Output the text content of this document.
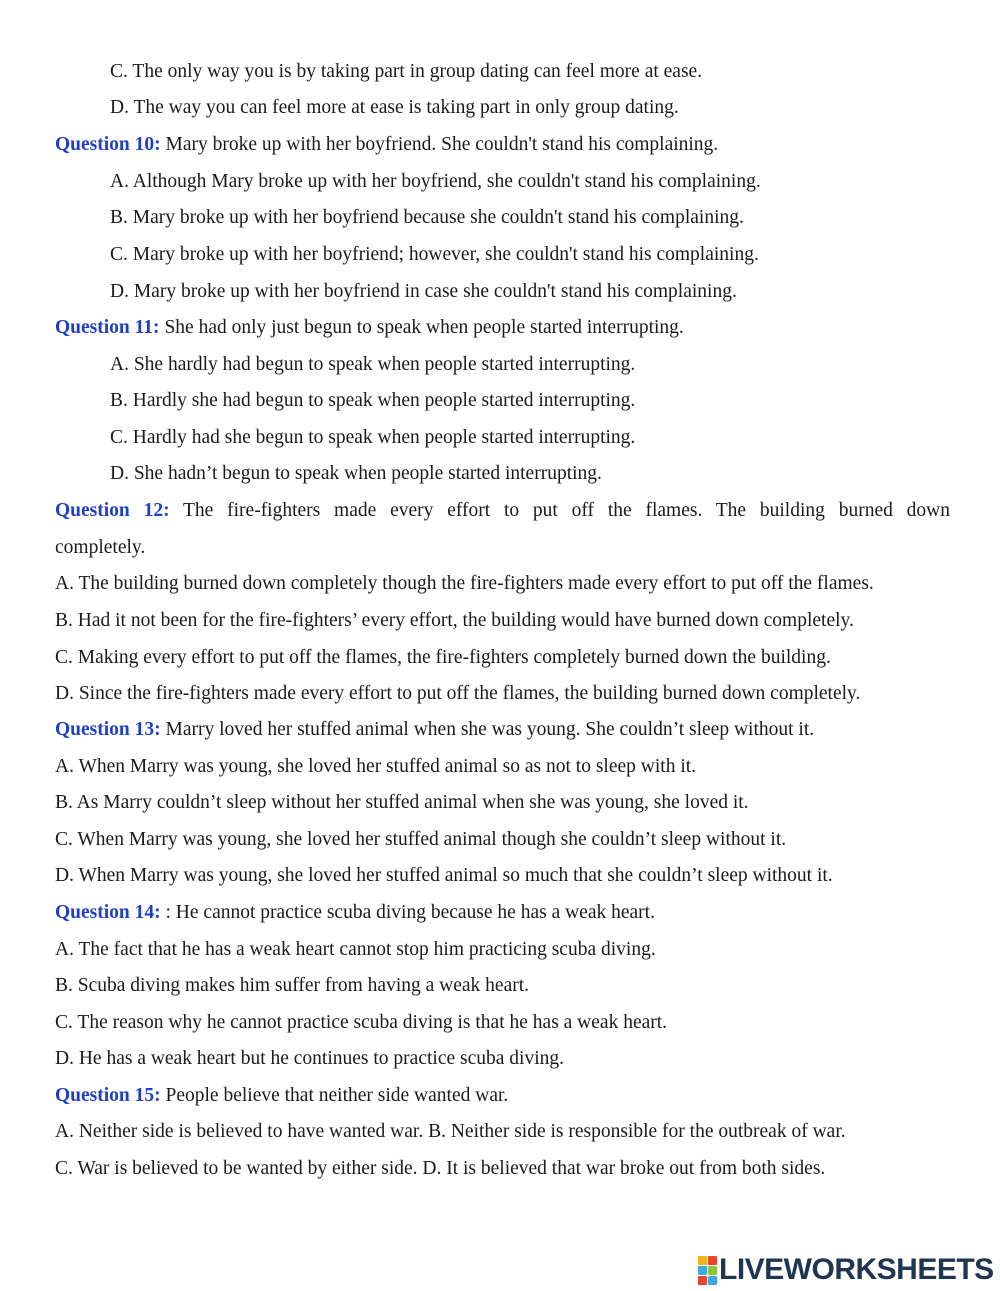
C. The only way you is by taking part in group dating can feel more at ease.
D. The way you can feel more at ease is taking part in only group dating.
Question 10: Mary broke up with her boyfriend. She couldn't stand his complaining.
A. Although Mary broke up with her boyfriend, she couldn't stand his complaining.
B. Mary broke up with her boyfriend because she couldn't stand his complaining.
C. Mary broke up with her boyfriend; however, she couldn't stand his complaining.
D. Mary broke up with her boyfriend in case she couldn't stand his complaining.
Question 11: She had only just begun to speak when people started interrupting.
A. She hardly had begun to speak when people started interrupting.
B. Hardly she had begun to speak when people started interrupting.
C. Hardly had she begun to speak when people started interrupting.
D. She hadn’t begun to speak when people started interrupting.
Question 12: The fire-fighters made every effort to put off the flames. The building burned down
completely.
A. The building burned down completely though the fire-fighters made every effort to put off the flames.
B. Had it not been for the fire-fighters’ every effort, the building would have burned down completely.
C. Making every effort to put off the flames, the fire-fighters completely burned down the building.
D. Since the fire-fighters made every effort to put off the flames, the building burned down completely.
Question 13: Marry loved her stuffed animal when she was young. She couldn’t sleep without it.
A. When Marry was young, she loved her stuffed animal so as not to sleep with it.
B. As Marry couldn’t sleep without her stuffed animal when she was young, she loved it.
C. When Marry was young, she loved her stuffed animal though she couldn’t sleep without it.
D. When Marry was young, she loved her stuffed animal so much that she couldn’t sleep without it.
Question 14: : He cannot practice scuba diving because he has a weak heart.
A. The fact that he has a weak heart cannot stop him practicing scuba diving.
B. Scuba diving makes him suffer from having a weak heart.
C. The reason why he cannot practice scuba diving is that he has a weak heart.
D. He has a weak heart but he continues to practice scuba diving.
Question 15: People believe that neither side wanted war.
A. Neither side is believed to have wanted war. B. Neither side is responsible for the outbreak of war.
C. War is believed to be wanted by either side. D. It is believed that war broke out from both sides.
LIVEWORKSHEETS
